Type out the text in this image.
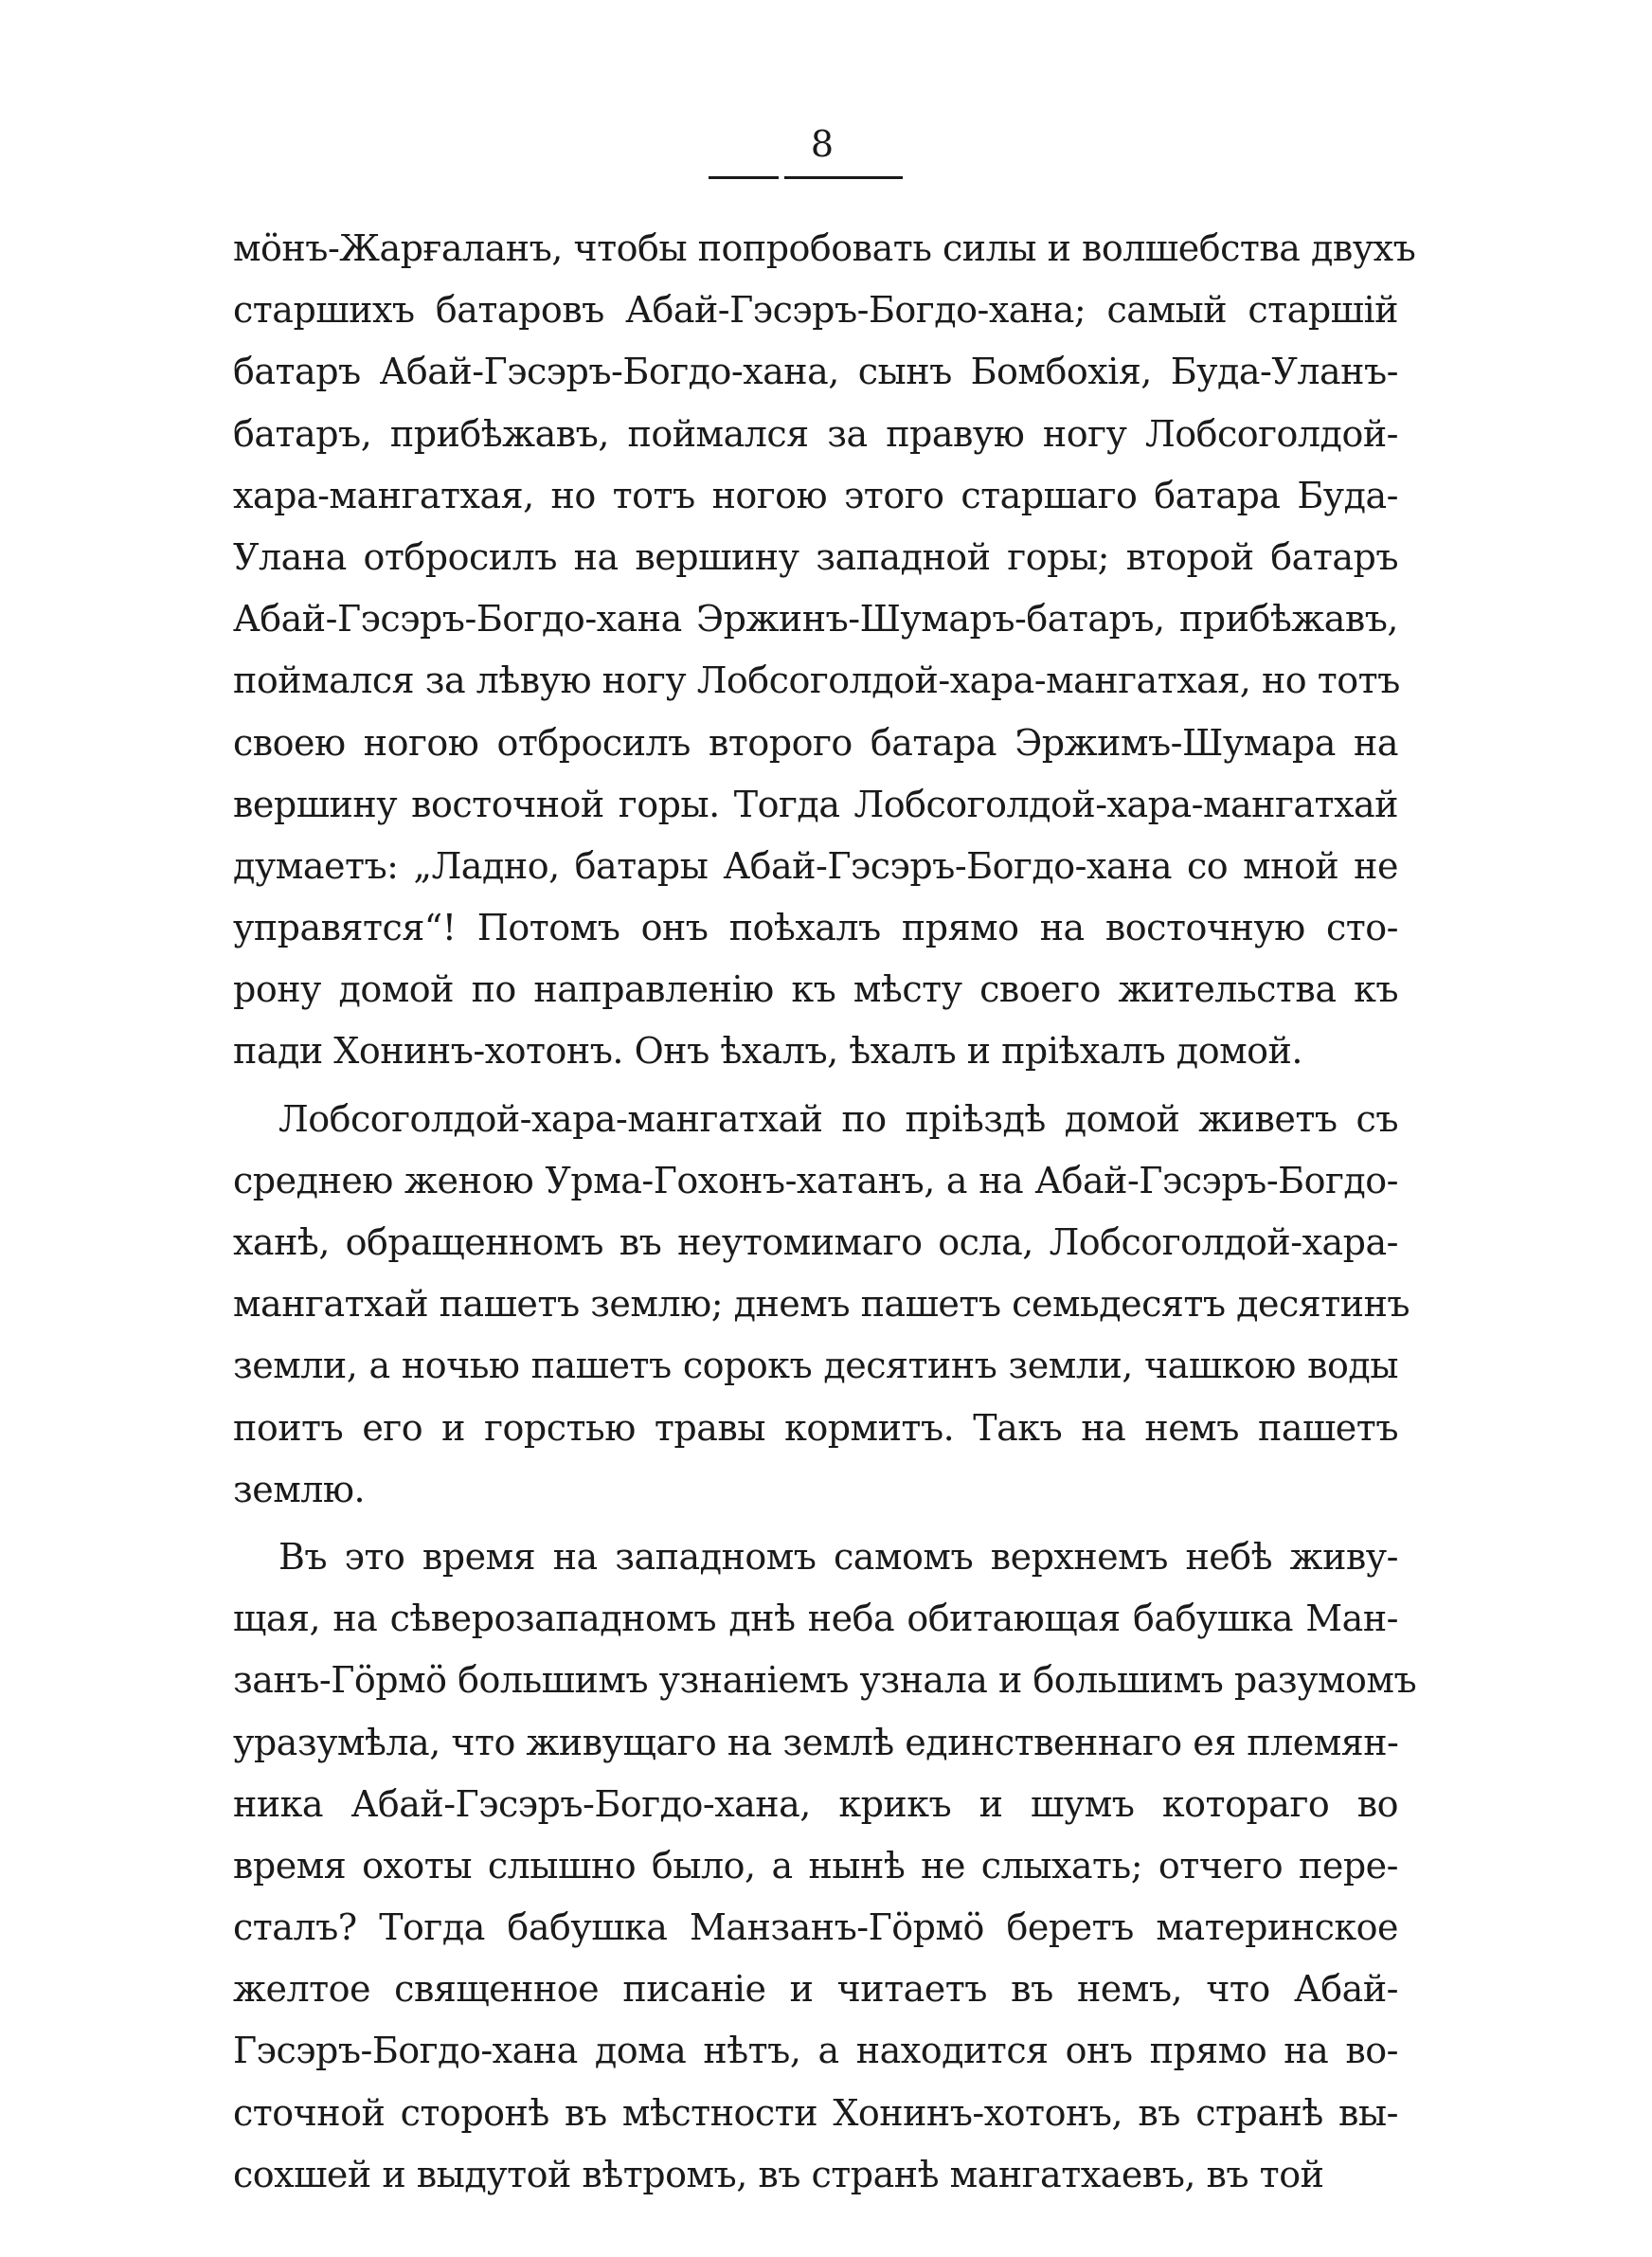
8
мöнъ-Жарғаланъ, чтобы попробовать силы и волшебства двухъ
старшихъ батаровъ Абай-Гэсэръ-Богдо-хана; самый старшій
батаръ Абай-Гэсэръ-Богдо-хана, сынъ Бомбохія, Буда-Уланъ-
батаръ, прибѣжавъ, поймался за правую ногу Лобсоголдой-
хара-мангатхая, но тотъ ногою этого старшаго батара Буда-
Улана отбросилъ на вершину западной горы; второй батаръ
Абай-Гэсэръ-Богдо-хана Эржинъ-Шумаръ-батаръ, прибѣжавъ,
поймался за лѣвую ногу Лобсоголдой-хара-мангатхая, но тотъ
своею ногою отбросилъ второго батара Эржимъ-Шумара на
вершину восточной горы. Тогда Лобсоголдой-хара-мангатхай
думаетъ: „Ладно, батары Абай-Гэсэръ-Богдо-хана со мной не
управятся“! Потомъ онъ поѣхалъ прямо на восточную сто-
рону домой по направленію къ мѣсту своего жительства къ
пади Хонинъ-хотонъ. Онъ ѣхалъ, ѣхалъ и пріѣхалъ домой.
Лобсоголдой-хара-мангатхай по пріѣздѣ домой живетъ съ
среднею женою Урма-Гохонъ-хатанъ, а на Абай-Гэсэръ-Богдо-
ханѣ, обращенномъ въ неутомимаго осла, Лобсоголдой-хара-
мангатхай пашетъ землю; днемъ пашетъ семьдесятъ десятинъ
земли, а ночью пашетъ сорокъ десятинъ земли, чашкою воды
поитъ его и горстью травы кормитъ. Такъ на немъ пашетъ
землю.
Въ это время на западномъ самомъ верхнемъ небѣ живу-
щая, на сѣверозападномъ днѣ неба обитающая бабушка Ман-
занъ-Гöрмö большимъ узнаніемъ узнала и большимъ разумомъ
уразумѣла, что живущаго на землѣ единственнаго ея племян-
ника Абай-Гэсэръ-Богдо-хана, крикъ и шумъ котораго во
время охоты слышно было, а нынѣ не слыхать; отчего пере-
сталъ? Тогда бабушка Манзанъ-Гöрмö беретъ материнское
желтое священное писаніе и читаетъ въ немъ, что Абай-
Гэсэръ-Богдо-хана дома нѣтъ, а находится онъ прямо на во-
сточной сторонѣ въ мѣстности Хонинъ-хотонъ, въ странѣ вы-
сохшей и выдутой вѣтромъ, въ странѣ мангатхаевъ, въ той
